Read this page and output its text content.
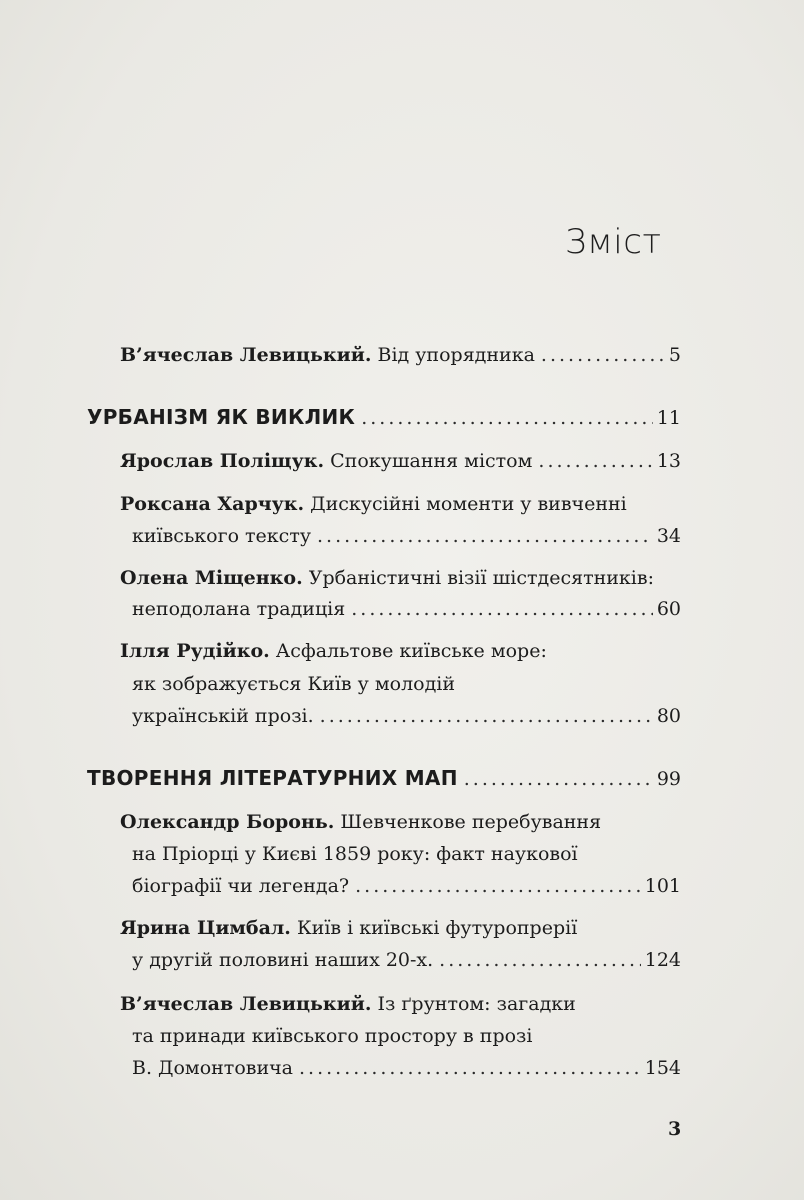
Зміст
В’ячеслав Левицький. Від упорядника .....	5
УРБАНІЗМ ЯК ВИКЛИК .....	11
Ярослав Поліщук. Спокушання містом .....	13
Роксана Харчук. Дискусійні моменти у вивченні
київського тексту .....	34
Олена Міщенко. Урбаністичні візії шістдесятників:
неподолана традиція .....	60
Ілля Рудійко. Асфальтове київське море:
як зображується Київ у молодій
українській прозі. .....	80
ТВОРЕННЯ ЛІТЕРАТУРНИХ МАП .....	99
Олександр Боронь. Шевченкове перебування
на Пріорці у Києві 1859 року: факт наукової
біографії чи легенда? .....	101
Ярина Цимбал. Київ і київські футуропрерії
у другій половині наших 20-х. .....	124
В’ячеслав Левицький. Із ґрунтом: загадки
та принади київського простору в прозі
В. Домонтовича .....	154
3
